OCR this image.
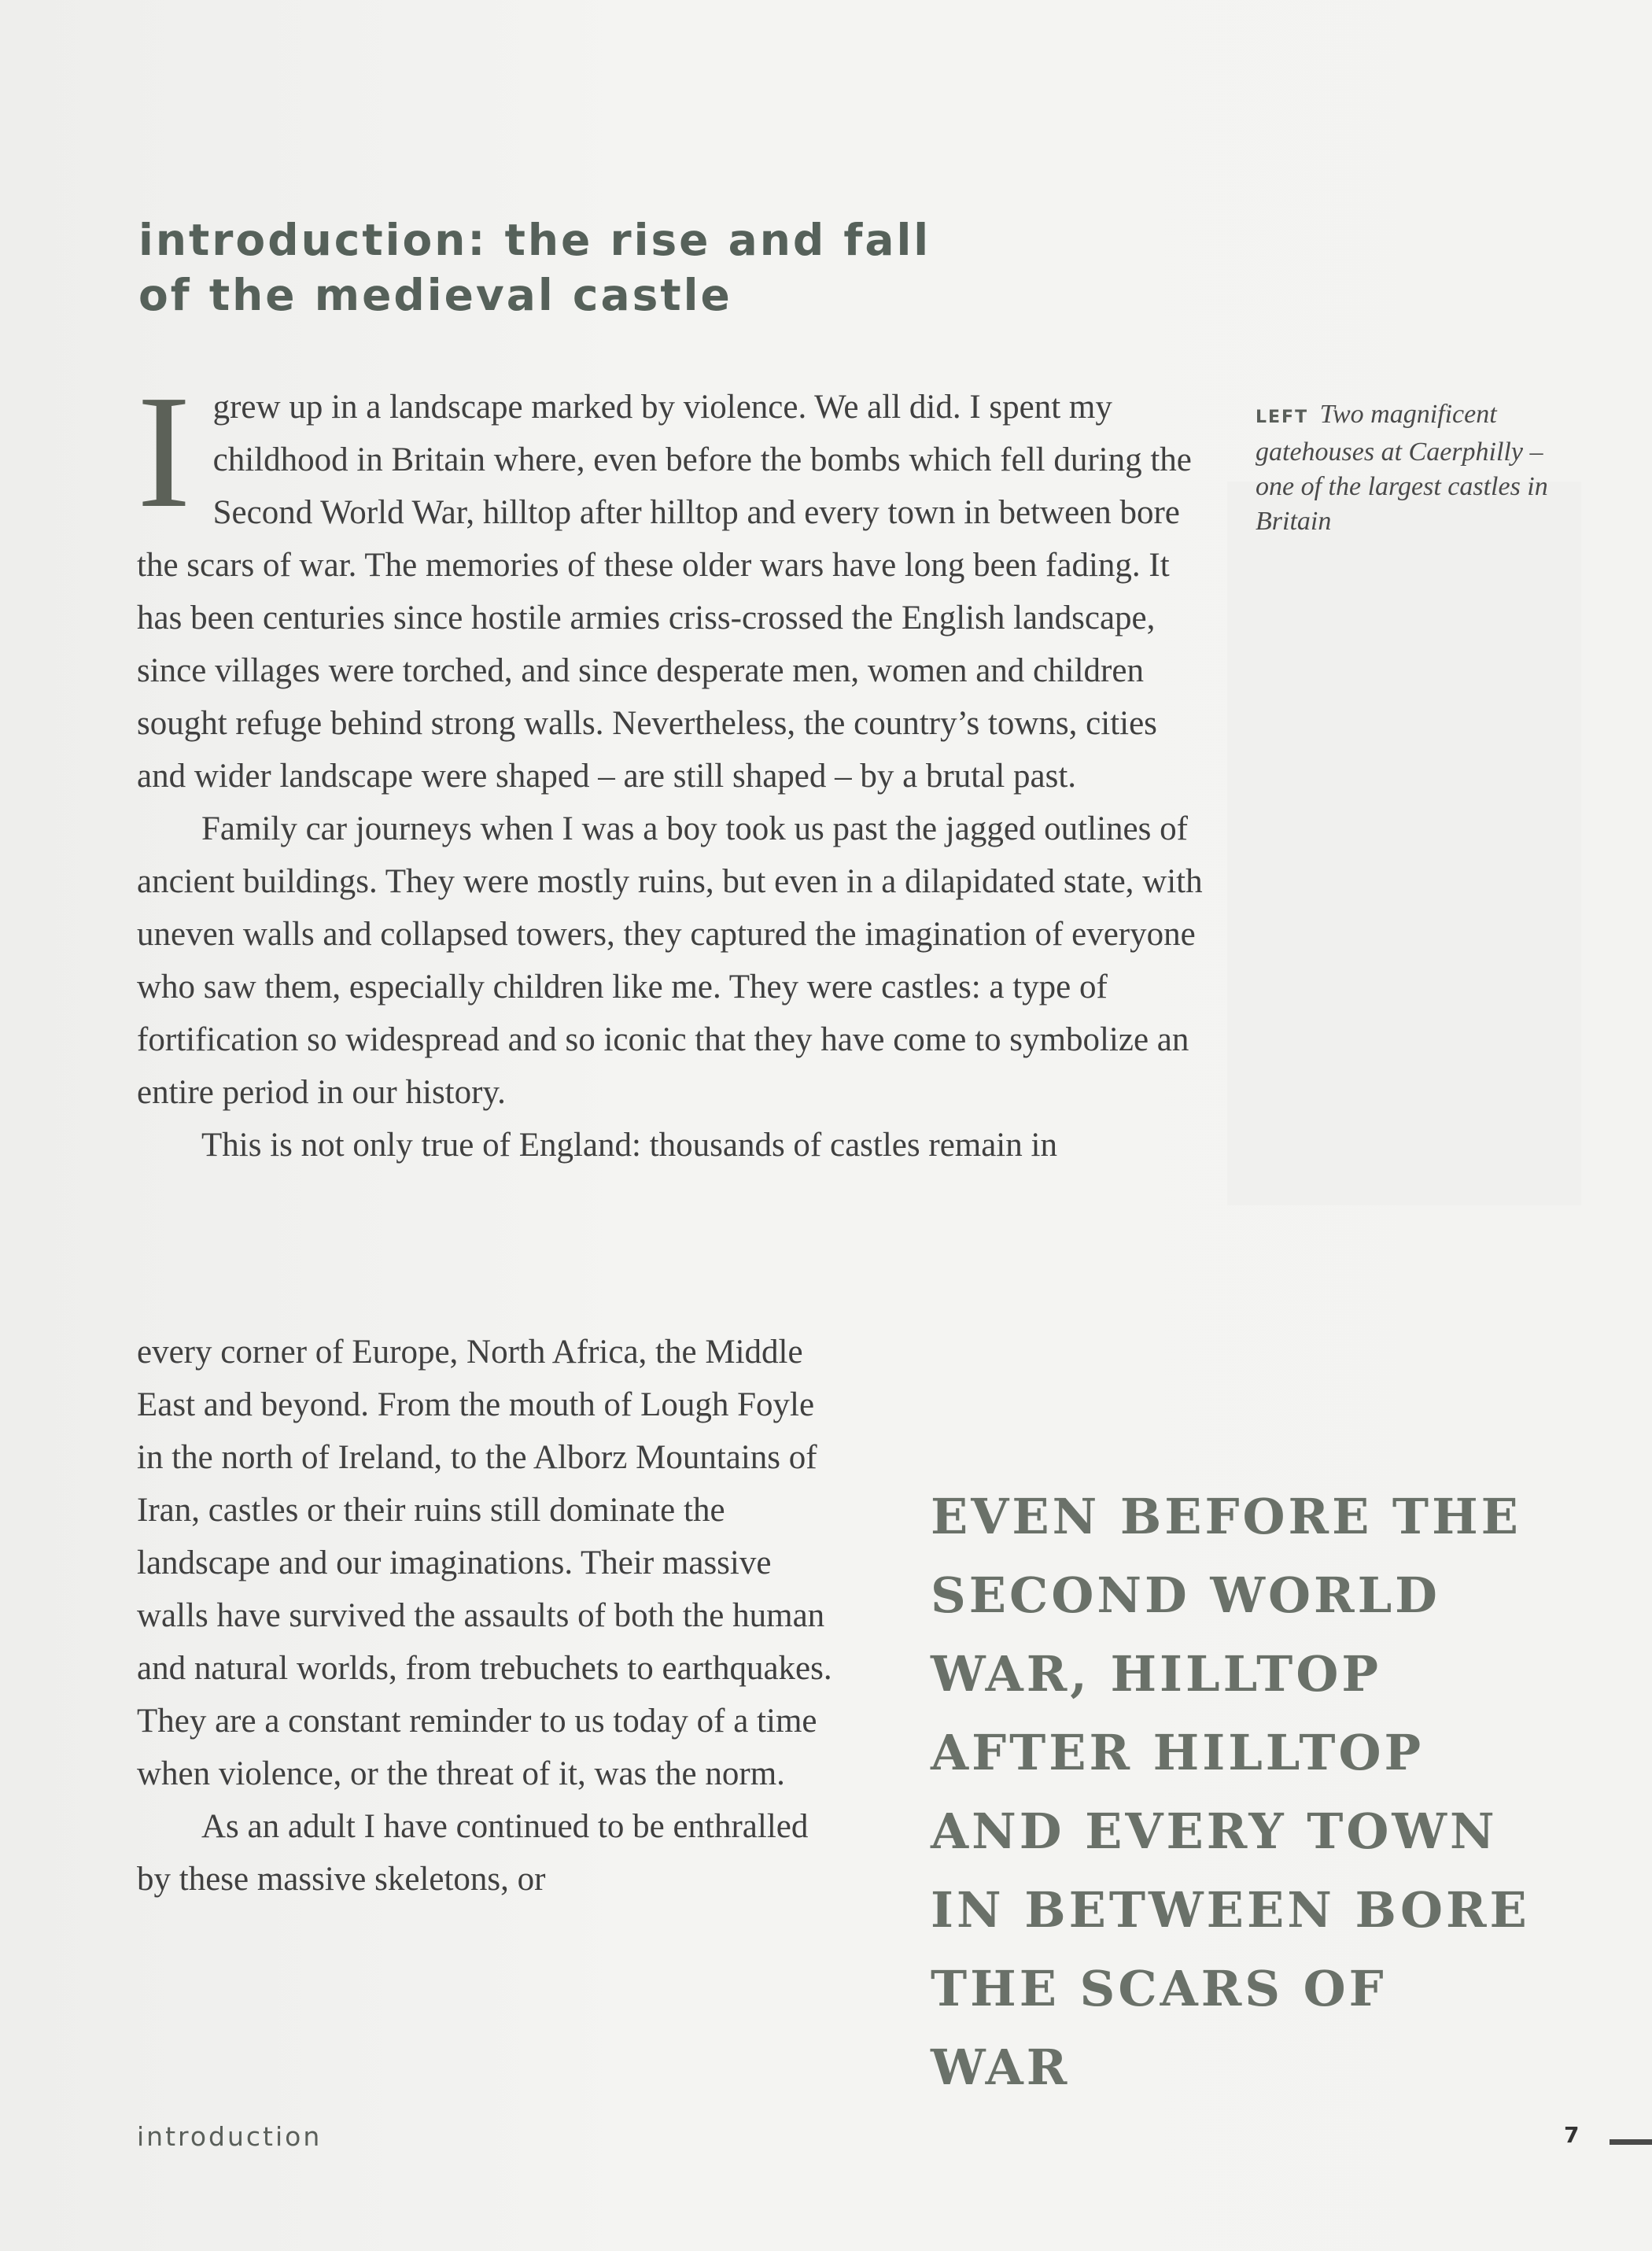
introduction: the rise and fall
of the medieval castle

Igrew up in a landscape marked by violence. We all did. I spent my childhood in Britain where, even before the bombs which fell during the Second World War, hilltop after hilltop and every town in between bore the scars of war. The memories of these older wars have long been fading. It has been centuries since hostile armies criss-crossed the English landscape, since villages were torched, and since desperate men, women and children sought refuge behind strong walls. Nevertheless, the country’s towns, cities and wider landscape were shaped – are still shaped – by a brutal past.

Family car journeys when I was a boy took us past the jagged outlines of ancient buildings. They were mostly ruins, but even in a dilapidated state, with uneven walls and collapsed towers, they captured the imagination of everyone who saw them, especially children like me. They were castles: a type of fortification so widespread and so iconic that they have come to symbolize an entire period in our history.

This is not only true of England: thousands of castles remain in

every corner of Europe, North Africa, the Middle East and beyond. From the mouth of Lough Foyle in the north of Ireland, to the Alborz Mountains of Iran, castles or their ruins still dominate the landscape and our imaginations. Their massive walls have survived the assaults of both the human and natural worlds, from trebuchets to earthquakes. They are a constant reminder to us today of a time when violence, or the threat of it, was the norm.

As an adult I have continued to be enthralled by these massive skeletons, or

LEFT Two magnificent gatehouses at Caerphilly – one of the largest castles in Britain
EVEN BEFORE THE
SECOND WORLD
WAR, HILLTOP
AFTER HILLTOP
AND EVERY TOWN
IN BETWEEN BORE
THE SCARS OF WAR
introduction	7
